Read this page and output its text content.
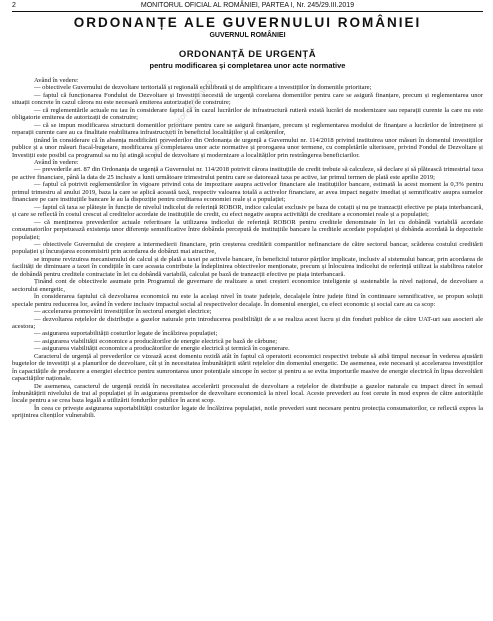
2	MONITORUL OFICIAL AL ROMÂNIEI, PARTEA I, Nr. 245/29.III.2019
ORDONANȚE ALE GUVERNULUI ROMÂNIEI
GUVERNUL ROMÂNIEI
ORDONANȚĂ DE URGENȚĂ
pentru modificarea și completarea unor acte normative

Având în vedere:

— obiectivele Guvernului de dezvoltare teritorială și regională echilibrată și de amplificare a investițiilor în domeniile prioritare;

— faptul că funcționarea Fondului de Dezvoltare și Investiții necesită de urgență corelarea domeniilor pentru care se asigură finanțare, precum și reglementarea unor situații concrete în cazul cărora nu este necesară emiterea autorizației de construire;

— că reglementările actuale nu iau în considerare faptul că în cazul lucrărilor de infrastructură rutieră există lucrări de modernizare sau reparații curente la care nu este obligatorie emiterea de autorizații de construire;

— că se impun modificarea structurii domeniilor prioritare pentru care se asigură finanțare, precum și reglementarea modului de finanțare a lucrărilor de întreținere și reparații curente care au ca finalitate reabilitarea infrastructurii în beneficiul localităților și al cetățenilor,

ținând în considerare că în absența modificării prevederilor din Ordonanța de urgență a Guvernului nr. 114/2018 privind instituirea unor măsuri în domeniul investițiilor publice și a unor măsuri fiscal-bugetare, modificarea și completarea unor acte normative și prorogarea unor termene, cu completările ulterioare, privind Fondul de Dezvoltare și Investiții este posibil ca programul sa nu își atingă scopul de dezvoltare și modernizare a localităților prin restrângerea beneficiarilor.

Având în vedere:

— prevederile art. 87 din Ordonanța de urgență a Guvernului nr. 114/2018 potrivit cărora instituțiile de credit trebuie să calculeze, să declare și să plătească trimestrial taxa pe active financiare, până la data de 25 inclusiv a lunii următoare trimestrului pentru care se datorează taxa pe active, iar primul termen de plată este aprilie 2019;

— faptul că potrivit reglementărilor în vigoare privind cota de impozitare asupra activelor financiare ale instituțiilor bancare, estimată la acest moment la 0,3% pentru primul trimestru al anului 2019, baza la care se aplică această taxă, respectiv valoarea totală a activelor financiare, ar avea impact negativ imediat și semnificativ asupra sumelor financiare pe care instituțiile bancare le au la dispoziție pentru creditarea economiei reale și a populației;

— faptul că taxa se plătește în funcție de nivelul indicelui de referință ROBOR, indice calculat exclusiv pe baza de cotații și nu pe tranzacții efective pe piața interbancară, și care se reflectă în costul crescut al creditelor acordate de instituțiile de credit, cu efect negativ asupra activității de creditare a economiei reale și a populației;

— că menținerea prevederilor actuale referitoare la utilizarea indicelui de referință ROBOR pentru creditele denominate în lei cu dobândă variabilă acordate consumatorilor perpetuează existența unor diferențe semnificative între dobânda percepută de instituțiile bancare la creditele acordate populației și dobânda acordată la depozitele populației;

— obiectivele Guvernului de creștere a intermedierii financiare, prin creșterea creditării companiilor nefinanciare de către sectorul bancar, scăderea costului creditării populației și încurajarea economisirii prin acordarea de dobânzi mai atractive,

se impune revizuirea mecanismului de calcul și de plată a taxei pe activele bancare, în beneficiul tuturor părților implicate, inclusiv al sistemului bancar, prin acordarea de facilități de diminuare a taxei în condițiile în care aceasta contribuie la îndeplinirea obiectivelor menționate, precum și înlocuirea indicelui de referință utilizat la stabilirea ratelor de dobândă pentru creditele contractate în lei cu dobândă variabilă, calculat pe bază de tranzacții efective pe piața interbancară.

Ținând cont de obiectivele asumate prin Programul de guvernare de realizare a unei creșteri economice inteligente și sustenabile la nivel național, de dezvoltare a sectorului energetic,

în considerarea faptului că dezvoltarea economică nu este la același nivel în toate județele, decalajele între județe fiind în continuare semnificative, se propun soluții speciale pentru reducerea lor, având în vedere inclusiv impactul social al respectivelor decalaje. În domeniul energiei, cu efect economic și social care au ca scop:

— accelerarea promovării investițiilor în sectorul energiei electrice;

— dezvoltarea rețelelor de distribuție a gazelor naturale prin introducerea posibilității de a se realiza acest lucru și din fonduri publice de către UAT-uri sau asocieri ale acestora;

— asigurarea suportabilității costurilor legate de încălzirea populației;

— asigurarea viabilității economice a producătorilor de energie electrică pe bază de cărbune;

— asigurarea viabilității economice a producătorilor de energie electrică și termică în cogenerare.

Caracterul de urgență al prevederilor ce vizează acest domeniu rezidă atât în faptul că operatorii economici respectivi trebuie să aibă timpul necesar în vederea ajustării bugetelor de investiții și a planurilor de dezvoltare, cât și în necesitatea îmbunătățirii stării rețelelor din domeniul energetic. De asemenea, este necesară și accelerarea investițiilor în capacitățile de producere a energiei electrice pentru sumrontarea unor potențiale sincope în sector și pentru a se evita importurile masive de energie electrică în lipsa dezvoltării capacităților naționale.

De asemenea, caracterul de urgență rezidă în necesitatea accelerării procesului de dezvoltare a rețelelor de distribuție a gazelor naturale cu impact direct în sensul îmbunătățirii nivelului de trai al populației și în asigurarea premiselor de dezvoltare economică la nivel local. Aceste prevederi au fost cerute în mod expres de către autoritățile locale pentru a se crea baza legală a utilizării fondurilor publice în acest scop.

În ceea ce privește asigurarea suportabilității costurilor legate de încălzirea populației, noile prevederi sunt necesare pentru protecția consumatorilor, ce reflectă expres la sprijinirea clienților vulnerabili.

www.monitoruloficial.ro
